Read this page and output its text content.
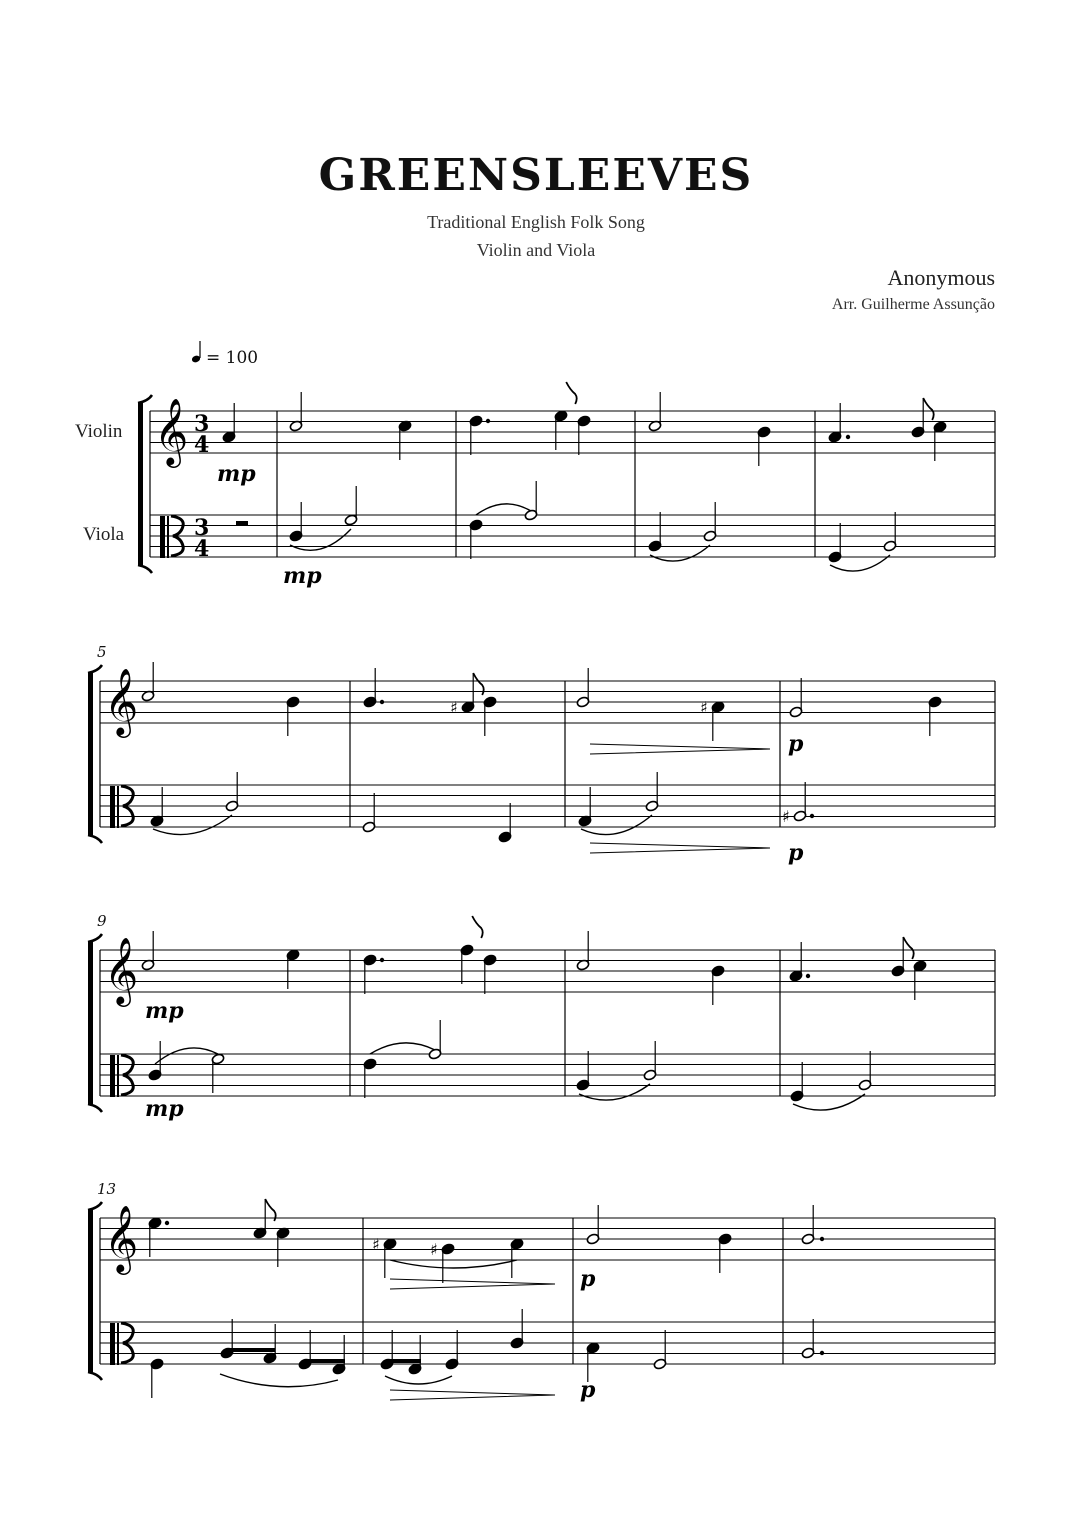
GREENSLEEVES
Traditional English Folk Song
Violin and Viola
Anonymous
Arr. Guilherme Assunção
Violin
Viola
= 100
𝄞 3
4
3
4
mp
mp
𝄞
5
♯	♯
p
p
♯
𝄞
9
mp
mp
𝄞
13
♯	♯
p
p
